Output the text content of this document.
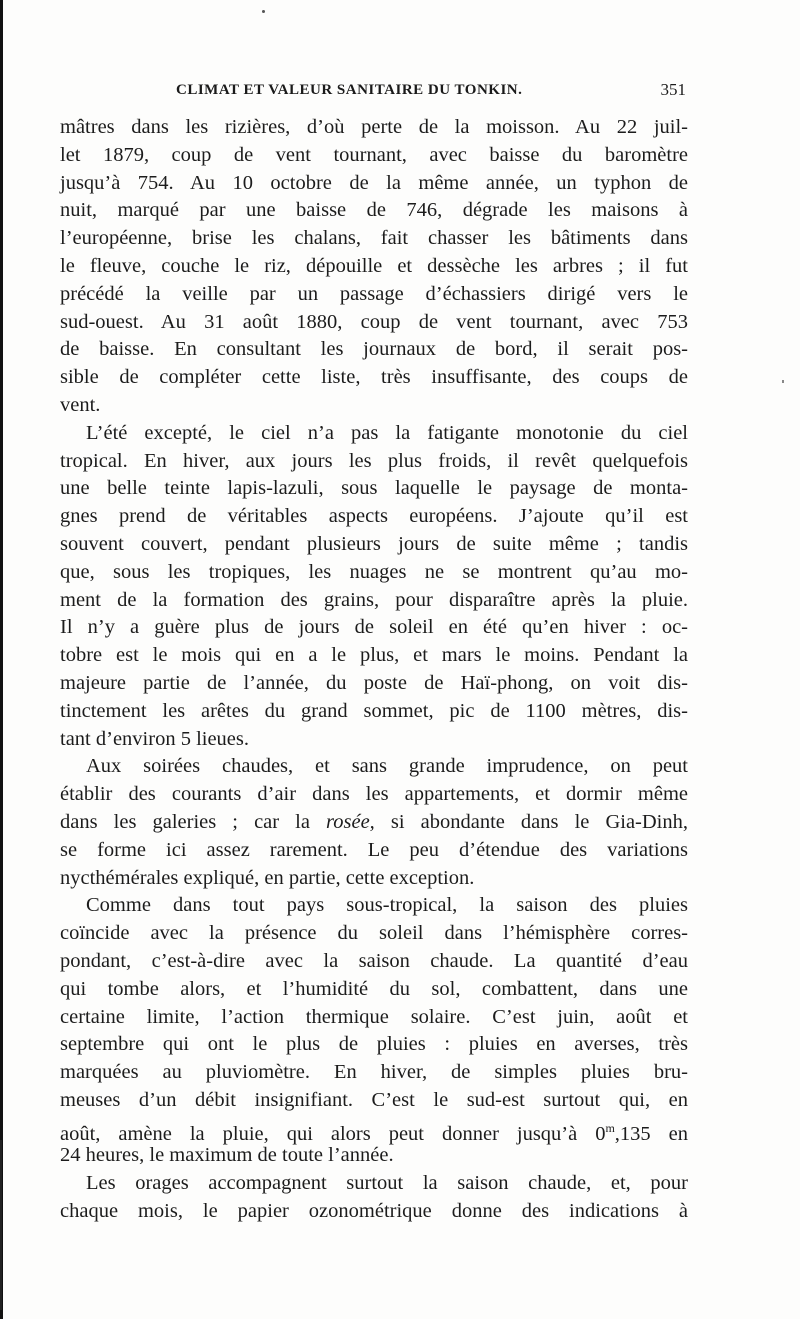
CLIMAT ET VALEUR SANITAIRE DU TONKIN.	351
mâtres dans les rizières, d’où perte de la moisson. Au 22 juil-
let 1879, coup de vent tournant, avec baisse du baromètre
jusqu’à 754. Au 10 octobre de la même année, un typhon de
nuit, marqué par une baisse de 746, dégrade les maisons à
l’européenne, brise les chalans, fait chasser les bâtiments dans
le fleuve, couche le riz, dépouille et dessèche les arbres ; il fut
précédé la veille par un passage d’échassiers dirigé vers le
sud-ouest. Au 31 août 1880, coup de vent tournant, avec 753
de baisse. En consultant les journaux de bord, il serait pos-
sible de compléter cette liste, très insuffisante, des coups de
vent.
L’été excepté, le ciel n’a pas la fatigante monotonie du ciel
tropical. En hiver, aux jours les plus froids, il revêt quelquefois
une belle teinte lapis-lazuli, sous laquelle le paysage de monta-
gnes prend de véritables aspects européens. J’ajoute qu’il est
souvent couvert, pendant plusieurs jours de suite même ; tandis
que, sous les tropiques, les nuages ne se montrent qu’au mo-
ment de la formation des grains, pour disparaître après la pluie.
Il n’y a guère plus de jours de soleil en été qu’en hiver : oc-
tobre est le mois qui en a le plus, et mars le moins. Pendant la
majeure partie de l’année, du poste de Haï-phong, on voit dis-
tinctement les arêtes du grand sommet, pic de 1100 mètres, dis-
tant d’environ 5 lieues.
Aux soirées chaudes, et sans grande imprudence, on peut
établir des courants d’air dans les appartements, et dormir même
dans les galeries ; car la rosée, si abondante dans le Gia-Dinh,
se forme ici assez rarement. Le peu d’étendue des variations
nycthémérales expliqué, en partie, cette exception.
Comme dans tout pays sous-tropical, la saison des pluies
coïncide avec la présence du soleil dans l’hémisphère corres-
pondant, c’est-à-dire avec la saison chaude. La quantité d’eau
qui tombe alors, et l’humidité du sol, combattent, dans une
certaine limite, l’action thermique solaire. C’est juin, août et
septembre qui ont le plus de pluies : pluies en averses, très
marquées au pluviomètre. En hiver, de simples pluies bru-
meuses d’un débit insignifiant. C’est le sud-est surtout qui, en
août, amène la pluie, qui alors peut donner jusqu’à 0$^m$,135 en
24 heures, le maximum de toute l’année.
Les orages accompagnent surtout la saison chaude, et, pour
chaque mois, le papier ozonométrique donne des indications à
